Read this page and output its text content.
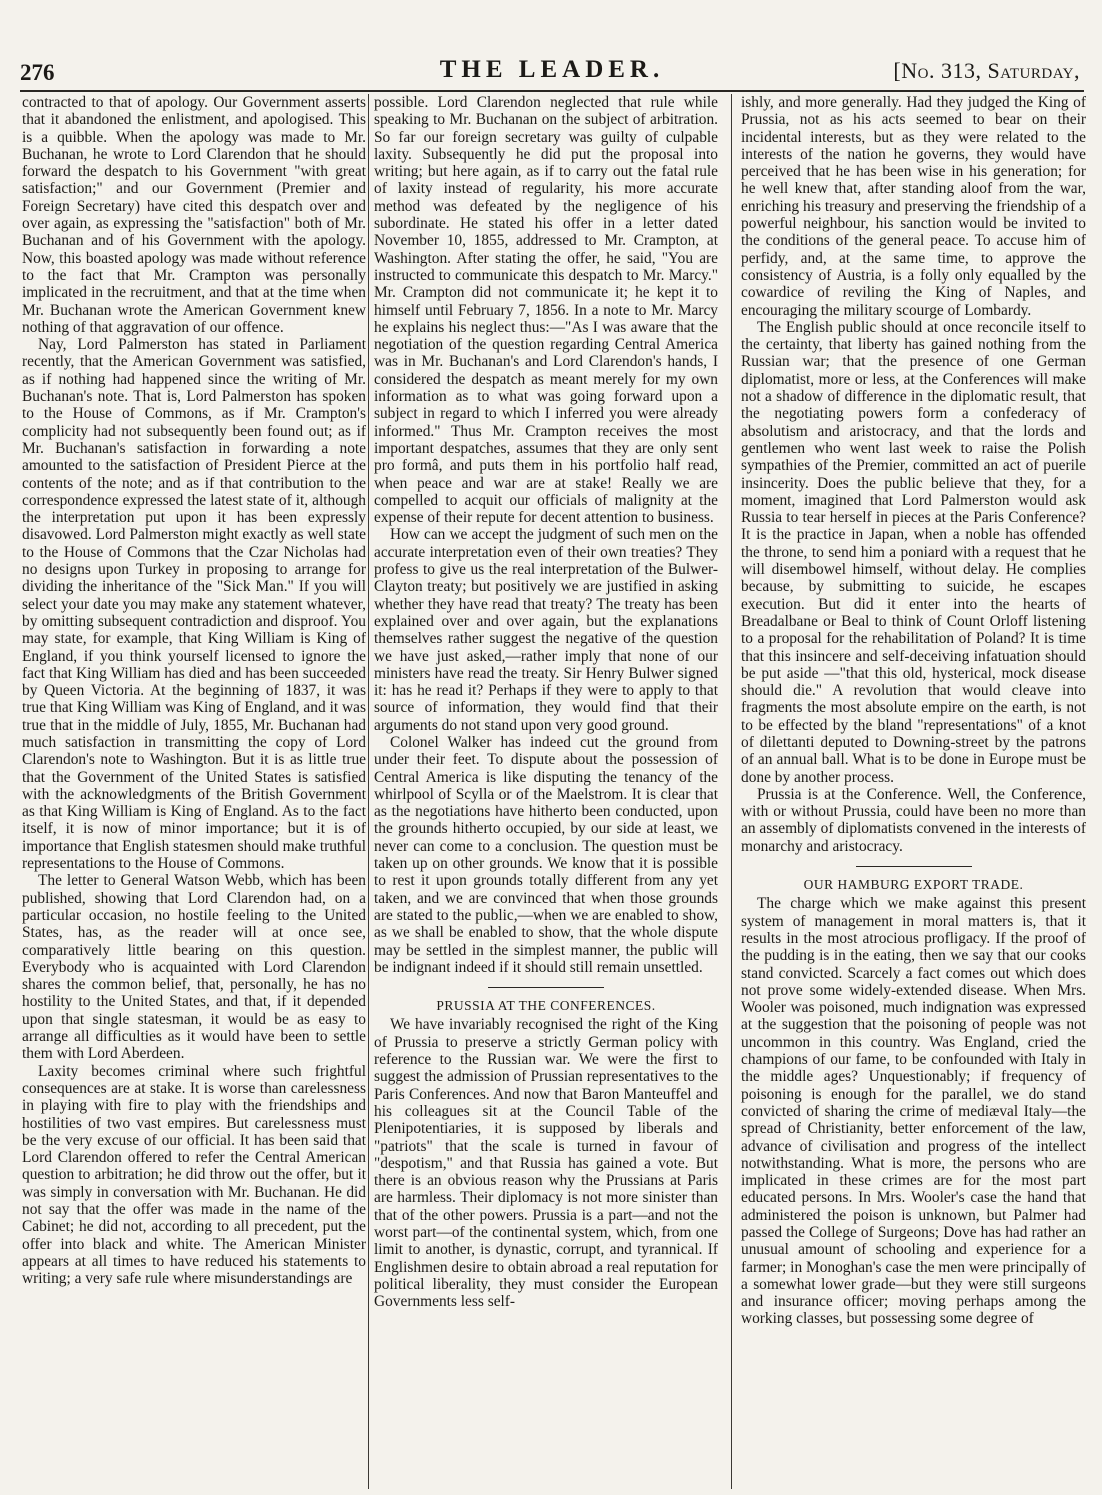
276	THE LEADER.	[No. 313, Saturday,

contracted to that of apology. Our Government asserts that it abandoned the enlistment, and apologised. This is a quibble. When the apology was made to Mr. Buchanan, he wrote to Lord Clarendon that he should forward the despatch to his Government "with great satisfaction;" and our Government (Premier and Foreign Secretary) have cited this despatch over and over again, as expressing the "satisfaction" both of Mr. Buchanan and of his Government with the apology. Now, this boasted apology was made without reference to the fact that Mr. Crampton was personally implicated in the recruitment, and that at the time when Mr. Buchanan wrote the American Government knew nothing of that aggravation of our offence.

Nay, Lord Palmerston has stated in Parliament recently, that the American Government was satisfied, as if nothing had happened since the writing of Mr. Buchanan's note. That is, Lord Palmerston has spoken to the House of Commons, as if Mr. Crampton's complicity had not subsequently been found out; as if Mr. Buchanan's satisfaction in forwarding a note amounted to the satisfaction of President Pierce at the contents of the note; and as if that contribution to the correspondence expressed the latest state of it, although the interpretation put upon it has been expressly disavowed. Lord Palmerston might exactly as well state to the House of Commons that the Czar Nicholas had no designs upon Turkey in proposing to arrange for dividing the inheritance of the "Sick Man." If you will select your date you may make any statement whatever, by omitting subsequent contradiction and disproof. You may state, for example, that King William is King of England, if you think yourself licensed to ignore the fact that King William has died and has been succeeded by Queen Victoria. At the beginning of 1837, it was true that King William was King of England, and it was true that in the middle of July, 1855, Mr. Buchanan had much satisfaction in transmitting the copy of Lord Clarendon's note to Washington. But it is as little true that the Government of the United States is satisfied with the acknowledgments of the British Government as that King William is King of England. As to the fact itself, it is now of minor importance; but it is of importance that English statesmen should make truthful representations to the House of Commons.

The letter to General Watson Webb, which has been published, showing that Lord Clarendon had, on a particular occasion, no hostile feeling to the United States, has, as the reader will at once see, comparatively little bearing on this question. Everybody who is acquainted with Lord Clarendon shares the common belief, that, personally, he has no hostility to the United States, and that, if it depended upon that single statesman, it would be as easy to arrange all difficulties as it would have been to settle them with Lord Aberdeen.

Laxity becomes criminal where such frightful consequences are at stake. It is worse than carelessness in playing with fire to play with the friendships and hostilities of two vast empires. But carelessness must be the very excuse of our official. It has been said that Lord Clarendon offered to refer the Central American question to arbitration; he did throw out the offer, but it was simply in conversation with Mr. Buchanan. He did not say that the offer was made in the name of the Cabinet; he did not, according to all precedent, put the offer into black and white. The American Minister appears at all times to have reduced his statements to writing; a very safe rule where misunderstandings are

possible. Lord Clarendon neglected that rule while speaking to Mr. Buchanan on the subject of arbitration. So far our foreign secretary was guilty of culpable laxity. Subsequently he did put the proposal into writing; but here again, as if to carry out the fatal rule of laxity instead of regularity, his more accurate method was defeated by the negligence of his subordinate. He stated his offer in a letter dated November 10, 1855, addressed to Mr. Crampton, at Washington. After stating the offer, he said, "You are instructed to communicate this despatch to Mr. Marcy." Mr. Crampton did not communicate it; he kept it to himself until February 7, 1856. In a note to Mr. Marcy he explains his neglect thus:—"As I was aware that the negotiation of the question regarding Central America was in Mr. Buchanan's and Lord Clarendon's hands, I considered the despatch as meant merely for my own information as to what was going forward upon a subject in regard to which I inferred you were already informed." Thus Mr. Crampton receives the most important despatches, assumes that they are only sent pro formâ, and puts them in his portfolio half read, when peace and war are at stake! Really we are compelled to acquit our officials of malignity at the expense of their repute for decent attention to business.

How can we accept the judgment of such men on the accurate interpretation even of their own treaties? They profess to give us the real interpretation of the Bulwer-Clayton treaty; but positively we are justified in asking whether they have read that treaty? The treaty has been explained over and over again, but the explanations themselves rather suggest the negative of the question we have just asked,—rather imply that none of our ministers have read the treaty. Sir Henry Bulwer signed it: has he read it? Perhaps if they were to apply to that source of information, they would find that their arguments do not stand upon very good ground.

Colonel Walker has indeed cut the ground from under their feet. To dispute about the possession of Central America is like disputing the tenancy of the whirlpool of Scylla or of the Maelstrom. It is clear that as the negotiations have hitherto been conducted, upon the grounds hitherto occupied, by our side at least, we never can come to a conclusion. The question must be taken up on other grounds. We know that it is possible to rest it upon grounds totally different from any yet taken, and we are convinced that when those grounds are stated to the public,—when we are enabled to show, as we shall be enabled to show, that the whole dispute may be settled in the simplest manner, the public will be indignant indeed if it should still remain unsettled.

PRUSSIA AT THE CONFERENCES.

We have invariably recognised the right of the King of Prussia to preserve a strictly German policy with reference to the Russian war. We were the first to suggest the admission of Prussian representatives to the Paris Conferences. And now that Baron Manteuffel and his colleagues sit at the Council Table of the Plenipotentiaries, it is supposed by liberals and "patriots" that the scale is turned in favour of "despotism," and that Russia has gained a vote. But there is an obvious reason why the Prussians at Paris are harmless. Their diplomacy is not more sinister than that of the other powers. Prussia is a part—and not the worst part—of the continental system, which, from one limit to another, is dynastic, corrupt, and tyrannical. If Englishmen desire to obtain abroad a real reputation for political liberality, they must consider the European Governments less self-

ishly, and more generally. Had they judged the King of Prussia, not as his acts seemed to bear on their incidental interests, but as they were related to the interests of the nation he governs, they would have perceived that he has been wise in his generation; for he well knew that, after standing aloof from the war, enriching his treasury and preserving the friendship of a powerful neighbour, his sanction would be invited to the conditions of the general peace. To accuse him of perfidy, and, at the same time, to approve the consistency of Austria, is a folly only equalled by the cowardice of reviling the King of Naples, and encouraging the military scourge of Lombardy.

The English public should at once reconcile itself to the certainty, that liberty has gained nothing from the Russian war; that the presence of one German diplomatist, more or less, at the Conferences will make not a shadow of difference in the diplomatic result, that the negotiating powers form a confederacy of absolutism and aristocracy, and that the lords and gentlemen who went last week to raise the Polish sympathies of the Premier, committed an act of puerile insincerity. Does the public believe that they, for a moment, imagined that Lord Palmerston would ask Russia to tear herself in pieces at the Paris Conference? It is the practice in Japan, when a noble has offended the throne, to send him a poniard with a request that he will disembowel himself, without delay. He complies because, by submitting to suicide, he escapes execution. But did it enter into the hearts of Breadalbane or Beal to think of Count Orloff listening to a proposal for the rehabilitation of Poland? It is time that this insincere and self-deceiving infatuation should be put aside —"that this old, hysterical, mock disease should die." A revolution that would cleave into fragments the most absolute empire on the earth, is not to be effected by the bland "representations" of a knot of dilettanti deputed to Downing-street by the patrons of an annual ball. What is to be done in Europe must be done by another process.

Prussia is at the Conference. Well, the Conference, with or without Prussia, could have been no more than an assembly of diplomatists convened in the interests of monarchy and aristocracy.

OUR HAMBURG EXPORT TRADE.

The charge which we make against this present system of management in moral matters is, that it results in the most atrocious profligacy. If the proof of the pudding is in the eating, then we say that our cooks stand convicted. Scarcely a fact comes out which does not prove some widely-extended disease. When Mrs. Wooler was poisoned, much indignation was expressed at the suggestion that the poisoning of people was not uncommon in this country. Was England, cried the champions of our fame, to be confounded with Italy in the middle ages? Unquestionably; if frequency of poisoning is enough for the parallel, we do stand convicted of sharing the crime of mediæval Italy—the spread of Christianity, better enforcement of the law, advance of civilisation and progress of the intellect notwithstanding. What is more, the persons who are implicated in these crimes are for the most part educated persons. In Mrs. Wooler's case the hand that administered the poison is unknown, but Palmer had passed the College of Surgeons; Dove has had rather an unusual amount of schooling and experience for a farmer; in Monoghan's case the men were principally of a somewhat lower grade—but they were still surgeons and insurance officer; moving perhaps among the working classes, but possessing some degree of
